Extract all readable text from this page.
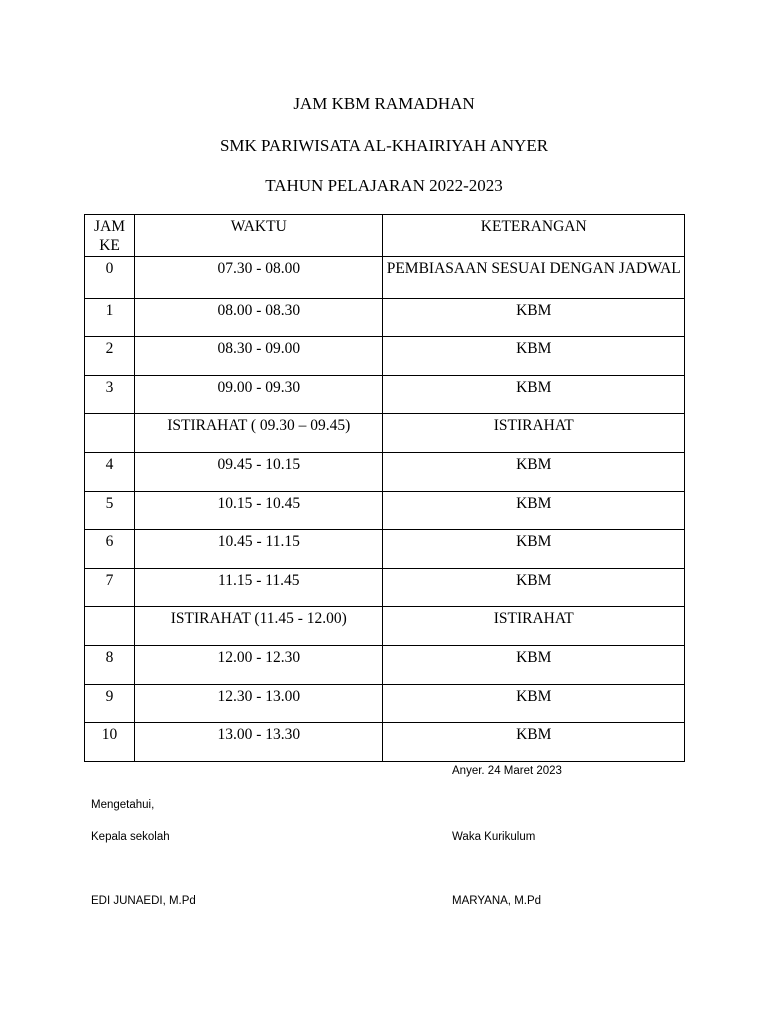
JAM KBM RAMADHAN
SMK PARIWISATA AL-KHAIRIYAH ANYER
TAHUN PELAJARAN 2022-2023
JAM KE	WAKTU	KETERANGAN
0	07.30 - 08.00	PEMBIASAAN SESUAI DENGAN JADWAL
1	08.00 - 08.30	KBM
2	08.30 - 09.00	KBM
3	09.00 - 09.30	KBM
	ISTIRAHAT ( 09.30 – 09.45)	ISTIRAHAT
4	09.45 - 10.15	KBM
5	10.15 - 10.45	KBM
6	10.45 - 11.15	KBM
7	11.15 - 11.45	KBM
	ISTIRAHAT (11.45 - 12.00)	ISTIRAHAT
8	12.00 - 12.30	KBM
9	12.30 - 13.00	KBM
10	13.00 - 13.30	KBM
Anyer. 24 Maret 2023
Mengetahui,
Kepala sekolah	Waka Kurikulum
EDI JUNAEDI, M.Pd	MARYANA, M.Pd
